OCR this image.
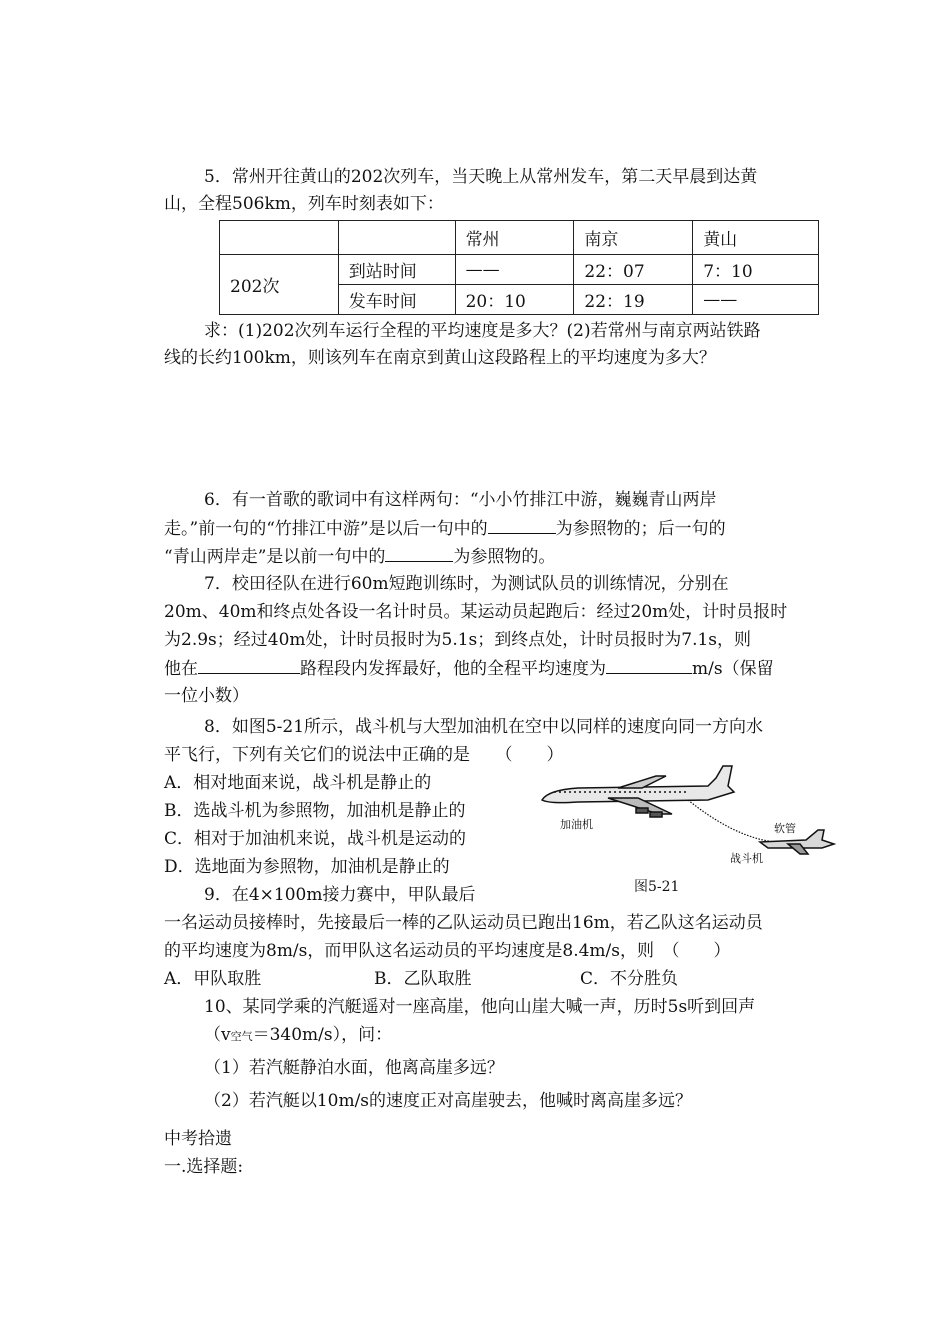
5．常州开往黄山的202次列车，当天晚上从常州发车，第二天早晨到达黄
山，全程506km，列车时刻表如下：
		常州	南京	黄山
202次	到站时间	——	22：07	7：10
	发车时间	20：10	22：19	——
求：(1)202次列车运行全程的平均速度是多大？(2)若常州与南京两站铁路
线的长约100km，则该列车在南京到黄山这段路程上的平均速度为多大？
6．有一首歌的歌词中有这样两句：“小小竹排江中游，巍巍青山两岸
走。”前一句的“竹排江中游”是以后一句中的	为参照物的；后一句的
“青山两岸走”是以前一句中的	为参照物的。
7．校田径队在进行60m短跑训练时，为测试队员的训练情况，分别在
20m、40m和终点处各设一名计时员。某运动员起跑后：经过20m处，计时员报时
为2.9s；经过40m处，计时员报时为5.1s；到终点处，计时员报时为7.1s，则
他在	路程段内发挥最好，他的全程平均速度为	m/s（保留
一位小数）
8．如图5-21所示，战斗机与大型加油机在空中以同样的速度向同一方向水
平飞行，下列有关它们的说法中正确的是　　（　　）
A．相对地面来说，战斗机是静止的
B．选战斗机为参照物，加油机是静止的
C．相对于加油机来说，战斗机是运动的
D．选地面为参照物，加油机是静止的
加油机	软管
战斗机
图5-21
9．在4×100m接力赛中，甲队最后
一名运动员接棒时，先接最后一棒的乙队运动员已跑出16m，若乙队这名运动员
的平均速度为8m/s，而甲队这名运动员的平均速度是8.4m/s，则　（　　）
A．甲队取胜	B．乙队取胜	C．不分胜负
10、某同学乘的汽艇遥对一座高崖，他向山崖大喊一声，历时5s听到回声
（v空气＝340m/s），问：
（1）若汽艇静泊水面，他离高崖多远？
（2）若汽艇以10m/s的速度正对高崖驶去，他喊时离高崖多远？
中考拾遗
一.选择题:
